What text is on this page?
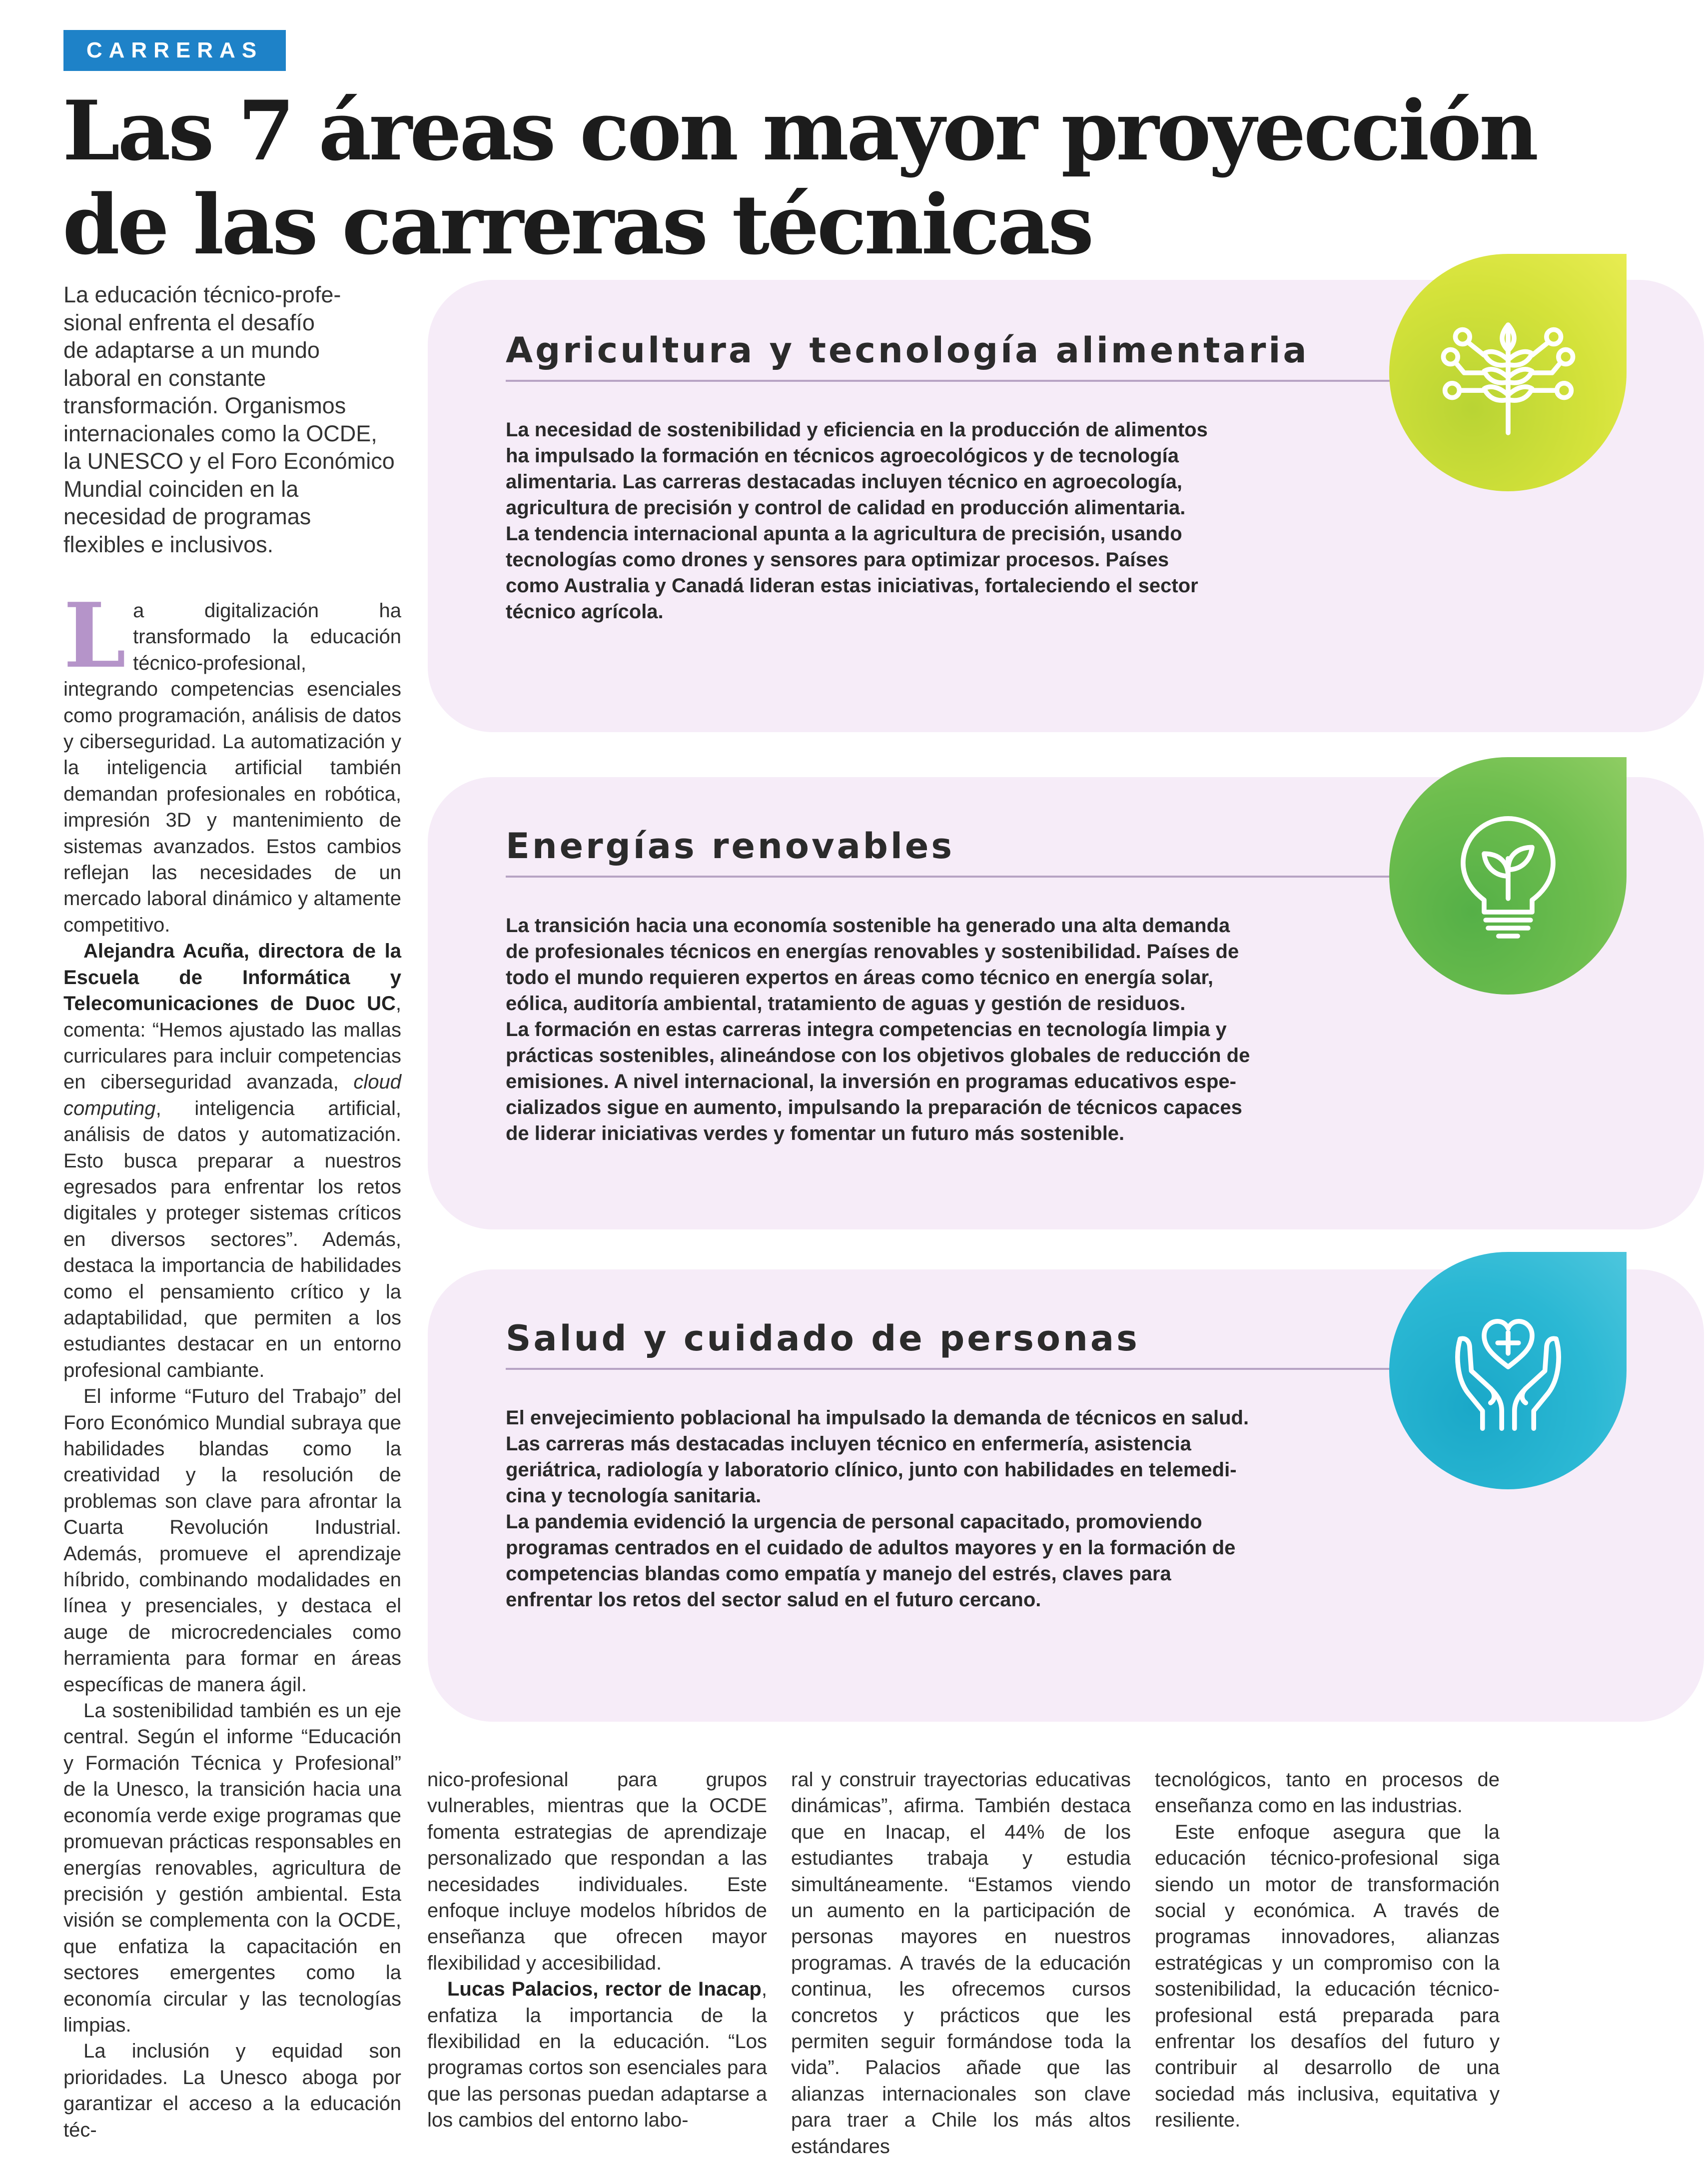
CARRERAS
Las 7 áreas con mayor proyección
de las carreras técnicas
La educación técnico-profe-
sional enfrenta el desafío
de adaptarse a un mundo
laboral en constante
transformación. Organismos
internacionales como la OCDE,
la UNESCO y el Foro Económico
Mundial coinciden en la
necesidad de programas
flexibles e inclusivos.
Agricultura y tecnología alimentaria
La necesidad de sostenibilidad y eficiencia en la producción de alimentos
ha impulsado la formación en técnicos agroecológicos y de tecnología
alimentaria. Las carreras destacadas incluyen técnico en agroecología,
agricultura de precisión y control de calidad en producción alimentaria.
La tendencia internacional apunta a la agricultura de precisión, usando
tecnologías como drones y sensores para optimizar procesos. Países
como Australia y Canadá lideran estas iniciativas, fortaleciendo el sector
técnico agrícola.
Energías renovables
La transición hacia una economía sostenible ha generado una alta demanda
de profesionales técnicos en energías renovables y sostenibilidad. Países de
todo el mundo requieren expertos en áreas como técnico en energía solar,
eólica, auditoría ambiental, tratamiento de aguas y gestión de residuos.
La formación en estas carreras integra competencias en tecnología limpia y
prácticas sostenibles, alineándose con los objetivos globales de reducción de
emisiones. A nivel internacional, la inversión en programas educativos espe-
cializados sigue en aumento, impulsando la preparación de técnicos capaces
de liderar iniciativas verdes y fomentar un futuro más sostenible.
Salud y cuidado de personas
El envejecimiento poblacional ha impulsado la demanda de técnicos en salud.
Las carreras más destacadas incluyen técnico en enfermería, asistencia
geriátrica, radiología y laboratorio clínico, junto con habilidades en telemedi-
cina y tecnología sanitaria.
La pandemia evidenció la urgencia de personal capacitado, promoviendo
programas centrados en el cuidado de adultos mayores y en la formación de
competencias blandas como empatía y manejo del estrés, claves para
enfrentar los retos del sector salud en el futuro cercano.

La digitalización ha transformado la educación técnico-profesional, integrando competencias esenciales como programación, análisis de datos y ciberseguridad. La automatización y la inteligencia artificial también demandan profesionales en robótica, impresión 3D y mantenimiento de sistemas avanzados. Estos cambios reflejan las necesidades de un mercado laboral dinámico y altamente competitivo.

Alejandra Acuña, directora de la Escuela de Informática y Telecomunicaciones de Duoc UC, comenta: “Hemos ajustado las mallas curriculares para incluir competencias en ciberseguridad avanzada, cloud computing, inteligencia artificial, análisis de datos y automatización. Esto busca preparar a nuestros egresados para enfrentar los retos digitales y proteger sistemas críticos en diversos sectores”. Además, destaca la importancia de habilidades como el pensamiento crítico y la adaptabilidad, que permiten a los estudiantes destacar en un entorno profesional cambiante.

El informe “Futuro del Trabajo” del Foro Económico Mundial subraya que habilidades blandas como la creatividad y la resolución de problemas son clave para afrontar la Cuarta Revolución Industrial. Además, promueve el aprendizaje híbrido, combinando modalidades en línea y presenciales, y destaca el auge de microcredenciales como herramienta para formar en áreas específicas de manera ágil.

La sostenibilidad también es un eje central. Según el informe “Educación y Formación Técnica y Profesional” de la Unesco, la transición hacia una economía verde exige programas que promuevan prácticas responsables en energías renovables, agricultura de precisión y gestión ambiental. Esta visión se complementa con la OCDE, que enfatiza la capacitación en sectores emergentes como la economía circular y las tecnologías limpias.

La inclusión y equidad son prioridades. La Unesco aboga por garantizar el acceso a la educación téc-

nico-profesional para grupos vulnerables, mientras que la OCDE fomenta estrategias de aprendizaje personalizado que respondan a las necesidades individuales. Este enfoque incluye modelos híbridos de enseñanza que ofrecen mayor flexibilidad y accesibilidad.

Lucas Palacios, rector de Inacap, enfatiza la importancia de la flexibilidad en la educación. “Los programas cortos son esenciales para que las personas puedan adaptarse a los cambios del entorno labo-

ral y construir trayectorias educativas dinámicas”, afirma. También destaca que en Inacap, el 44% de los estudiantes trabaja y estudia simultáneamente. “Estamos viendo un aumento en la participación de personas mayores en nuestros programas. A través de la educación continua, les ofrecemos cursos concretos y prácticos que les permiten seguir formándose toda la vida”. Palacios añade que las alianzas internacionales son clave para traer a Chile los más altos estándares

tecnológicos, tanto en procesos de enseñanza como en las industrias.

Este enfoque asegura que la educación técnico-profesional siga siendo un motor de transformación social y económica. A través de programas innovadores, alianzas estratégicas y un compromiso con la sostenibilidad, la educación técnico-profesional está preparada para enfrentar los desafíos del futuro y contribuir al desarrollo de una sociedad más inclusiva, equitativa y resiliente.
